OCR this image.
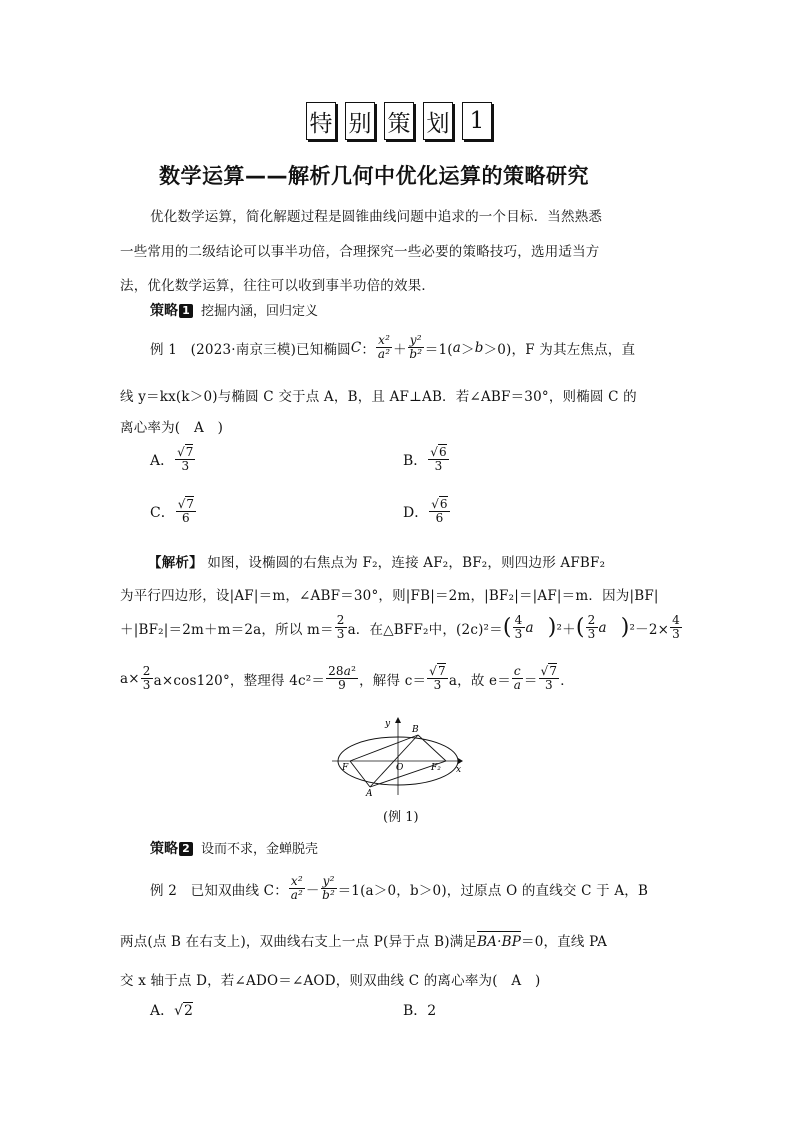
特 别 策 划 1
数学运算——解析几何中优化运算的策略研究
优化数学运算，简化解题过程是圆锥曲线问题中追求的一个目标．当然熟悉
一些常用的二级结论可以事半功倍，合理探究一些必要的策略技巧，选用适当方
法，优化数学运算，往往可以收到事半功倍的效果．
策略 1 挖掘内涵，回归定义
例 1　(2023·南京三模)已知椭圆 C ： $\frac{\text{x²}}{\text{a²}} + \frac{\text{y²}}{\text{b²}} =1$( a ＞ b ＞0) ，F 为其左焦点，直
线 y＝kx(k＞0)与椭圆 C 交于点 A，B，且 AF⊥AB．若∠ABF＝30°，则椭圆 C 的
离心率为(　A　)
A． $\frac{√7}{3}$	B． $\frac{√6}{3}$
C． $\frac{√7}{6}$	D． $\frac{√6}{6}$
【解析】 如图，设椭圆的右焦点为 F₂，连接 AF₂，BF₂，则四边形 AFBF₂
为平行四边形，设|AF|＝m，∠ABF＝30°，则|FB|＝2m，|BF₂|＝|AF|＝m．因为|BF|
＋|BF₂|＝2m＋m＝2a，所以 $m= \frac{2}{3}$ a．在△BFF₂中，(2c)²＝ ( $\frac{4}{3}$ a ) ²＋ ( $\frac{2}{3}$ a ) $^2-2\times \frac{4}{3}$
$a\times \frac{2}{3} a\times\cos 120^\circ$，整理得 $4c^2= \frac{\text{28a²}}{9}$ ，解得 $c= \frac{√7}{3}$ a，故 $e= \frac{c}{a} = \frac{√7}{3}$ ．
y
B
F	O	F₂ x
A
(例 1)
策略 2 设而不求，金蝉脱壳
例 2　已知双曲线 C： $\frac{\text{x²}}{\text{a²}} - \frac{\text{y²}}{\text{b²}} =1(a>0$，b＞0)，过原点 O 的直线交 C 于 A，B
两点(点 B 在右支上)，双曲线右支上一点 P(异于点 B)满足
BA·BP＝0，直线 PA
交 x 轴于点 D，若∠ADO＝∠AOD，则双曲线 C 的离心率为(　A　)
A．√2	B．2
